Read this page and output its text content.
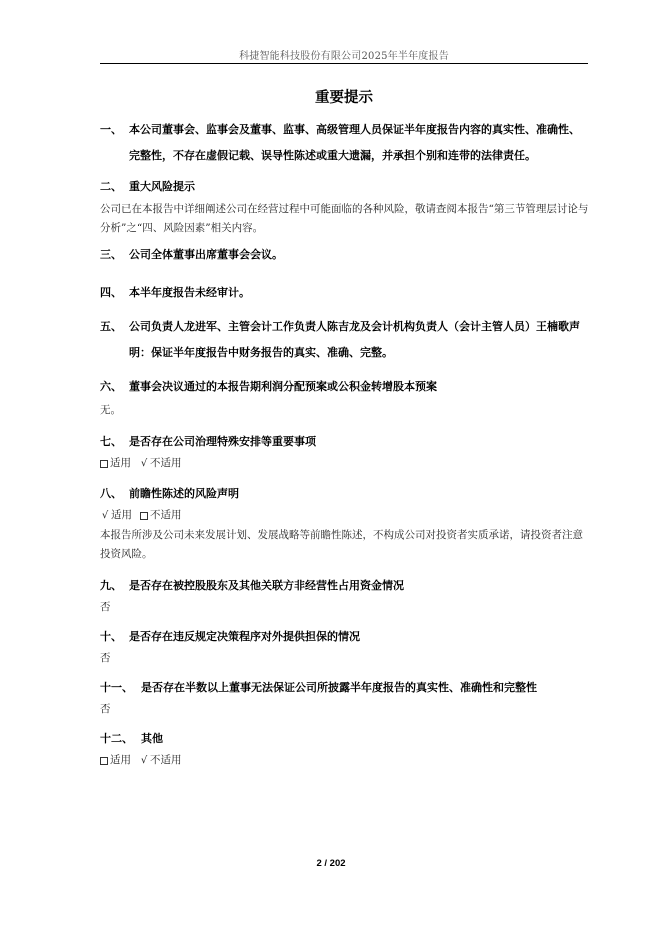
科捷智能科技股份有限公司2025年半年度报告
重要提示
一、 本公司董事会、监事会及董事、监事、高级管理人员保证半年度报告内容的真实性、准确性、完整性，不存在虚假记载、误导性陈述或重大遗漏，并承担个别和连带的法律责任。
二、 重大风险提示
公司已在本报告中详细阐述公司在经营过程中可能面临的各种风险，敬请查阅本报告“第三节管理层讨论与分析”之“四、风险因素”相关内容。
三、 公司全体董事出席董事会会议。
四、 本半年度报告未经审计。
五、 公司负责人龙进军、主管会计工作负责人陈吉龙及会计机构负责人（会计主管人员）王楠歌声明：保证半年度报告中财务报告的真实、准确、完整。
六、 董事会决议通过的本报告期利润分配预案或公积金转增股本预案
无。
七、 是否存在公司治理特殊安排等重要事项
适用 √ 不适用
八、 前瞻性陈述的风险声明
√ 适用 不适用
本报告所涉及公司未来发展计划、发展战略等前瞻性陈述，不构成公司对投资者实质承诺，请投资者注意投资风险。
九、 是否存在被控股股东及其他关联方非经营性占用资金情况
否
十、 是否存在违反规定决策程序对外提供担保的情况
否
十一、 是否存在半数以上董事无法保证公司所披露半年度报告的真实性、准确性和完整性
否
十二、 其他
适用 √ 不适用
2 / 202
